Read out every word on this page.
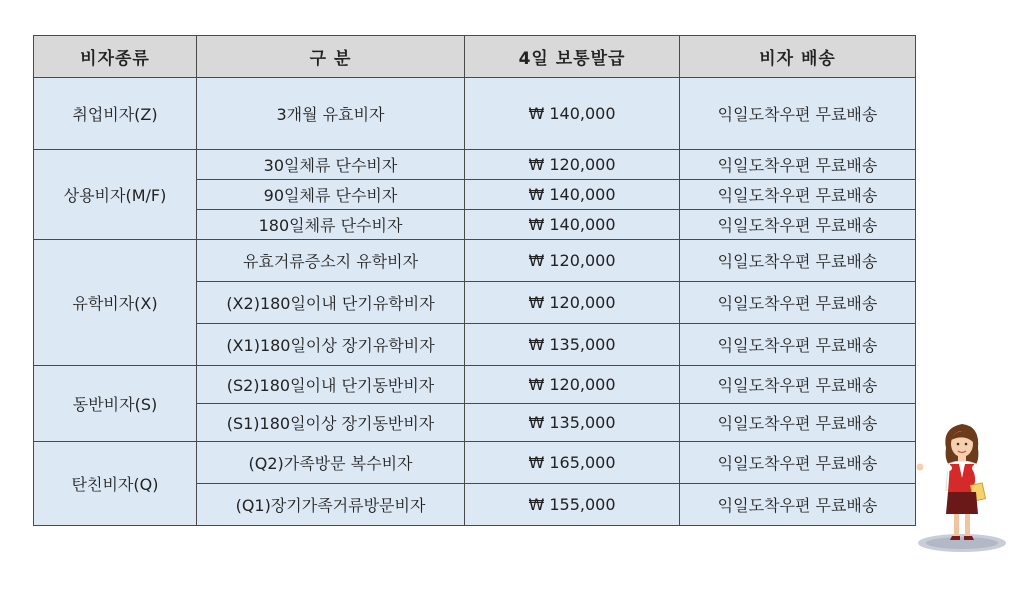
비자종류	구 분	4일 보통발급	비자 배송
취업비자(Z)	3개월 유효비자	₩ 140,000	익일도착우편 무료배송
상용비자(M/F)	30일체류 단수비자	₩ 120,000	익일도착우편 무료배송
	90일체류 단수비자	₩ 140,000	익일도착우편 무료배송
	180일체류 단수비자	₩ 140,000	익일도착우편 무료배송
유학비자(X)	유효거류증소지 유학비자	₩ 120,000	익일도착우편 무료배송
	(X2)180일이내 단기유학비자	₩ 120,000	익일도착우편 무료배송
	(X1)180일이상 장기유학비자	₩ 135,000	익일도착우편 무료배송
동반비자(S)	(S2)180일이내 단기동반비자	₩ 120,000	익일도착우편 무료배송
	(S1)180일이상 장기동반비자	₩ 135,000	익일도착우편 무료배송
탄친비자(Q)	(Q2)가족방문 복수비자	₩ 165,000	익일도착우편 무료배송
	(Q1)장기가족거류방문비자	₩ 155,000	익일도착우편 무료배송
